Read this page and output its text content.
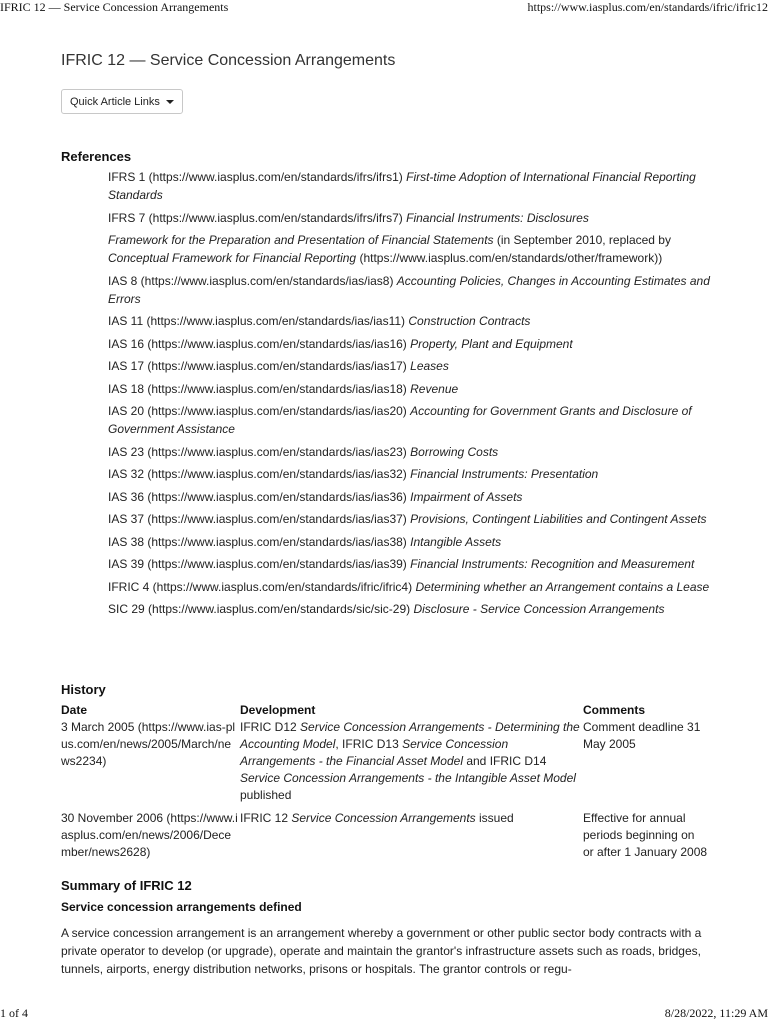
IFRIC 12 — Service Concession Arrangements	https://www.iasplus.com/en/standards/ifric/ifric12
IFRIC 12 — Service Concession Arrangements
Quick Article Links
References
IFRS 1 (https://www.iasplus.com/en/standards/ifrs/ifrs1) First-time Adoption of International Financial Reporting Standards
IFRS 7 (https://www.iasplus.com/en/standards/ifrs/ifrs7) Financial Instruments: Disclosures
Framework for the Preparation and Presentation of Financial Statements (in September 2010, replaced by Conceptual Framework for Financial Reporting (https://www.iasplus.com/en/standards/other/framework))
IAS 8 (https://www.iasplus.com/en/standards/ias/ias8) Accounting Policies, Changes in Accounting Estimates and Errors
IAS 11 (https://www.iasplus.com/en/standards/ias/ias11) Construction Contracts
IAS 16 (https://www.iasplus.com/en/standards/ias/ias16) Property, Plant and Equipment
IAS 17 (https://www.iasplus.com/en/standards/ias/ias17) Leases
IAS 18 (https://www.iasplus.com/en/standards/ias/ias18) Revenue
IAS 20 (https://www.iasplus.com/en/standards/ias/ias20) Accounting for Government Grants and Disclosure of Government Assistance
IAS 23 (https://www.iasplus.com/en/standards/ias/ias23) Borrowing Costs
IAS 32 (https://www.iasplus.com/en/standards/ias/ias32) Financial Instruments: Presentation
IAS 36 (https://www.iasplus.com/en/standards/ias/ias36) Impairment of Assets
IAS 37 (https://www.iasplus.com/en/standards/ias/ias37) Provisions, Contingent Liabilities and Contingent Assets
IAS 38 (https://www.iasplus.com/en/standards/ias/ias38) Intangible Assets
IAS 39 (https://www.iasplus.com/en/standards/ias/ias39) Financial Instruments: Recognition and Measurement
IFRIC 4 (https://www.iasplus.com/en/standards/ifric/ifric4) Determining whether an Arrangement contains a Lease
SIC 29 (https://www.iasplus.com/en/standards/sic/sic-29) Disclosure - Service Concession Arrangements
History
Date	Development	Comments
3 March 2005 (https://www.ias-plus.com/en/news/2005/March/news2234)	IFRIC D12 Service Concession Arrangements - Determining the Accounting Model, IFRIC D13 Service Concession Arrangements - the Financial Asset Model and IFRIC D14 Service Concession Arrangements - the Intangible Asset Model published	Comment deadline 31 May 2005
30 November 2006 (https://www.iasplus.com/en/news/2006/December/news2628)	IFRIC 12 Service Concession Arrangements issued	Effective for annual periods beginning on or after 1 January 2008
Summary of IFRIC 12
Service concession arrangements defined

A service concession arrangement is an arrangement whereby a government or other public sector body contracts with a private operator to develop (or upgrade), operate and maintain the grantor's infrastructure assets such as roads, bridges, tunnels, airports, energy distribution networks, prisons or hospitals. The grantor controls or regu-

1 of 4	8/28/2022, 11:29 AM
